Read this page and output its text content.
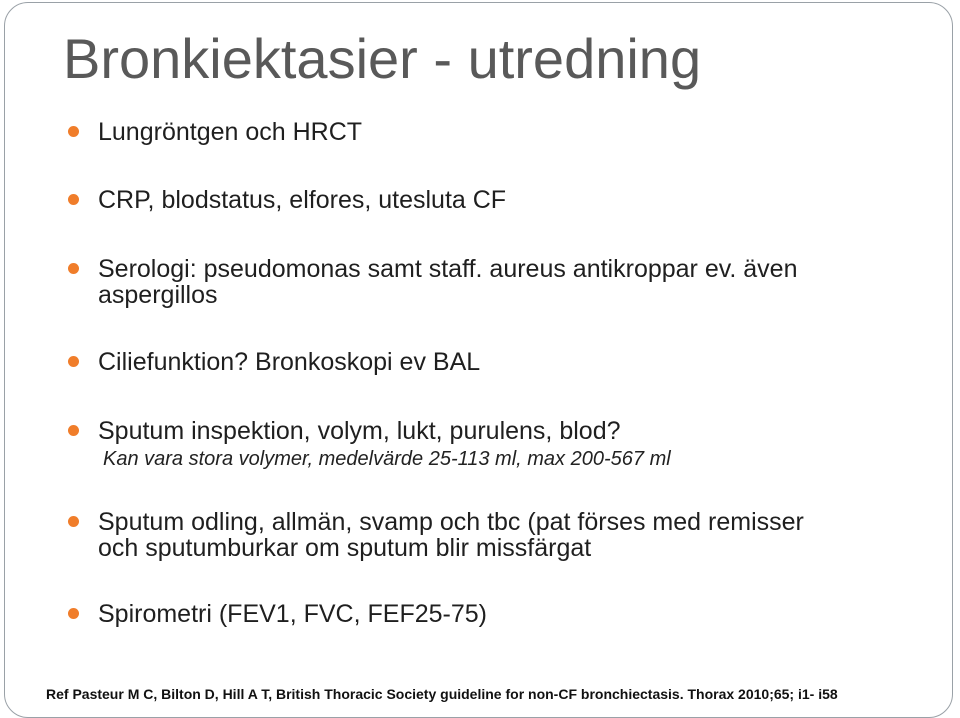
Bronkiektasier - utredning
Lungröntgen och HRCT
CRP, blodstatus, elfores, utesluta CF
Serologi: pseudomonas samt staff. aureus antikroppar ev. även
aspergillos
Ciliefunktion? Bronkoskopi ev BAL
Sputum inspektion, volym, lukt, purulens, blod?
Kan vara stora volymer, medelvärde 25-113 ml, max 200-567 ml
Sputum odling, allmän, svamp och tbc (pat förses med remisser
och sputumburkar om sputum blir missfärgat
Spirometri (FEV1, FVC, FEF25-75)
Ref Pasteur M C, Bilton D, Hill A T, British Thoracic Society guideline for non-CF bronchiectasis. Thorax 2010;65; i1- i58
